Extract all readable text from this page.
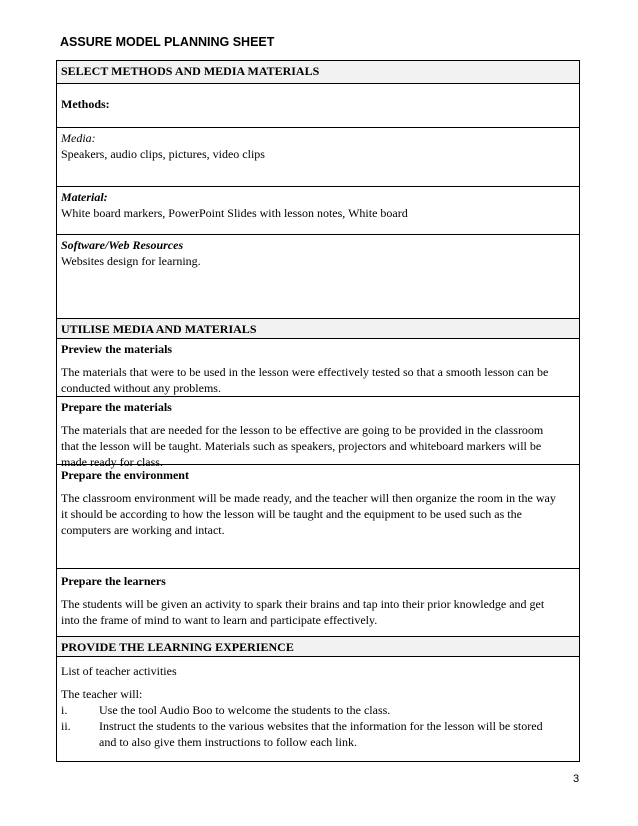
ASSURE MODEL PLANNING SHEET
SELECT METHODS AND MEDIA MATERIALS
Methods:
Media:
Speakers, audio clips, pictures, video clips
Material:
White board markers, PowerPoint Slides with lesson notes, White board
Software/Web Resources
Websites design for learning.
UTILISE MEDIA AND MATERIALS
Preview the materials
The materials that were to be used in the lesson were effectively tested so that a smooth lesson can be
conducted without any problems.
Prepare the materials
The materials that are needed for the lesson to be effective are going to be provided in the classroom
that the lesson will be taught. Materials such as speakers, projectors and whiteboard markers will be
made ready for class.
Prepare the environment
The classroom environment will be made ready, and the teacher will then organize the room in the way
it should be according to how the lesson will be taught and the equipment to be used such as the
computers are working and intact.
Prepare the learners
The students will be given an activity to spark their brains and tap into their prior knowledge and get
into the frame of mind to want to learn and participate effectively.
PROVIDE THE LEARNING EXPERIENCE
List of teacher activities
The teacher will:
i.	Use the tool Audio Boo to welcome the students to the class.
ii.	Instruct the students to the various websites that the information for the lesson will be stored
and to also give them instructions to follow each link.
3
